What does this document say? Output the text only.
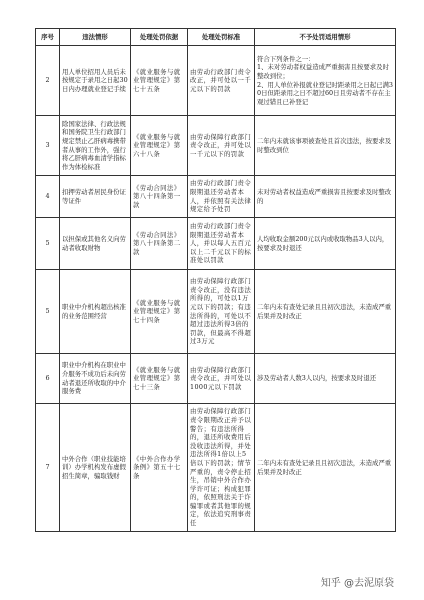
序号	违法情形	处理处罚依据	处理处罚标准	不予处罚适用情形
2	用人单位招用人员后未按规定于录用之日起30日内办理就业登记手续	《就业服务与就业管理规定》第七十五条	由劳动行政部门责令改正，并可处以一千元以下的罚款	符合下列条件之一：
1、未对劳动者权益造成严重损害且按要求及时整改到位；
2、用人单位补报就业登记时距录用之日起已满30日但距录用之日不超过60日且劳动者不存在主观过错且已补登记
3	除国家法律、行政法规和国务院卫生行政部门规定禁止乙肝病毒携带者从事的工作外，强行将乙肝病毒血清学指标作为体检标准	《就业服务与就业管理规定》第六十八条	由劳动保障行政部门责令改正，并可处以一千元以下的罚款	二年内未就该事项被查处且首次违法，按要求及时整改到位
4	扣押劳动者居民身份证等证件	《劳动合同法》第八十四条第一款	由劳动行政部门责令限期退还劳动者本人，并依照有关法律规定给予处罚	未对劳动者权益造成严重损害且按要求及时整改的
5	以担保或其他名义向劳动者收取财物	《劳动合同法》第八十四条第二款	由劳动行政部门责令限期退还劳动者本人，并以每人五百元以上二千元以下的标准处以罚款	人均收取金额200元以内或收取物品3人以内，按要求及时退还
5	职业中介机构超出核准的业务范围经营	《就业服务与就业管理规定》第七十四条	由劳动保障行政部门责令改正，没有违法所得的，可处以1万元以下的罚款；有违法所得的，可处以不超过违法所得3倍的罚款，但最高不得超过3万元	二年内未有查处记录且且初次违法，未造成严重后果并及时改正
6	职业中介机构在职业中介服务不成功后未向劳动者退还所收取的中介服务费	《就业服务与就业管理规定》第七十三条	由劳动保障行政部门责令改正，并可处以1000元以下罚款	涉及劳动者人数3人以内，按要求及时退还
7	中外合作（职业技能培训）办学机构发布虚假招生简章，骗取钱财	《中外合作办学条例》第五十七条	由劳动保障行政部门责令限期改正并予以警告；有违法所得的，退还所收费用后没收违法所得，并处违法所得1倍以上5倍以下的罚款；情节严重的，责令停止招生，吊销中外合作办学许可证；构成犯罪的，依照刑法关于诈骗罪或者其他罪的规定，依法追究刑事责任	二年内未有查处记录且且初次违法，未造成严重后果并及时改正
知乎 @去泥原袋
